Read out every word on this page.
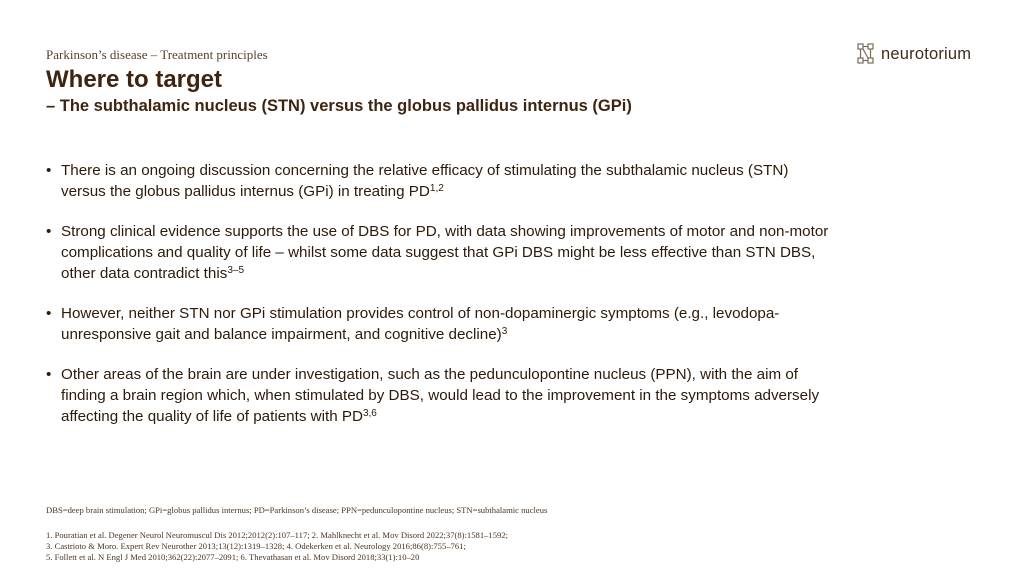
Parkinson’s disease – Treatment principles
Where to target
– The subthalamic nucleus (STN) versus the globus pallidus internus (GPi)
neurotorium
• There is an ongoing discussion concerning the relative efficacy of stimulating the subthalamic nucleus (STN) versus the globus pallidus internus (GPi) in treating PD$^{1,2}$
• Strong clinical evidence supports the use of DBS for PD, with data showing improvements of motor and non-motor complications and quality of life – whilst some data suggest that GPi DBS might be less effective than STN DBS, other data contradict this$^{3-5}$
• However, neither STN nor GPi stimulation provides control of non-dopaminergic symptoms (e.g., levodopa-unresponsive gait and balance impairment, and cognitive decline)$^3$
• Other areas of the brain are under investigation, such as the pedunculopontine nucleus (PPN), with the aim of finding a brain region which, when stimulated by DBS, would lead to the improvement in the symptoms adversely affecting the quality of life of patients with PD$^{3,6}$
DBS=deep brain stimulation; GPi=globus pallidus internus; PD=Parkinson’s disease; PPN=pedunculopontine nucleus; STN=subthalamic nucleus
1. Pouratian et al. Degener Neurol Neuromuscul Dis 2012;2012(2):107–117; 2. Mahlknecht et al. Mov Disord 2022;37(8):1581–1592;
3. Castrioto & Moro. Expert Rev Neurother 2013;13(12):1319–1328; 4. Odekerken et al. Neurology 2016;86(8):755–761;
5. Follett et al. N Engl J Med 2010;362(22):2077–2091; 6. Thevathasan et al. Mov Disord 2018;33(1):10–20
